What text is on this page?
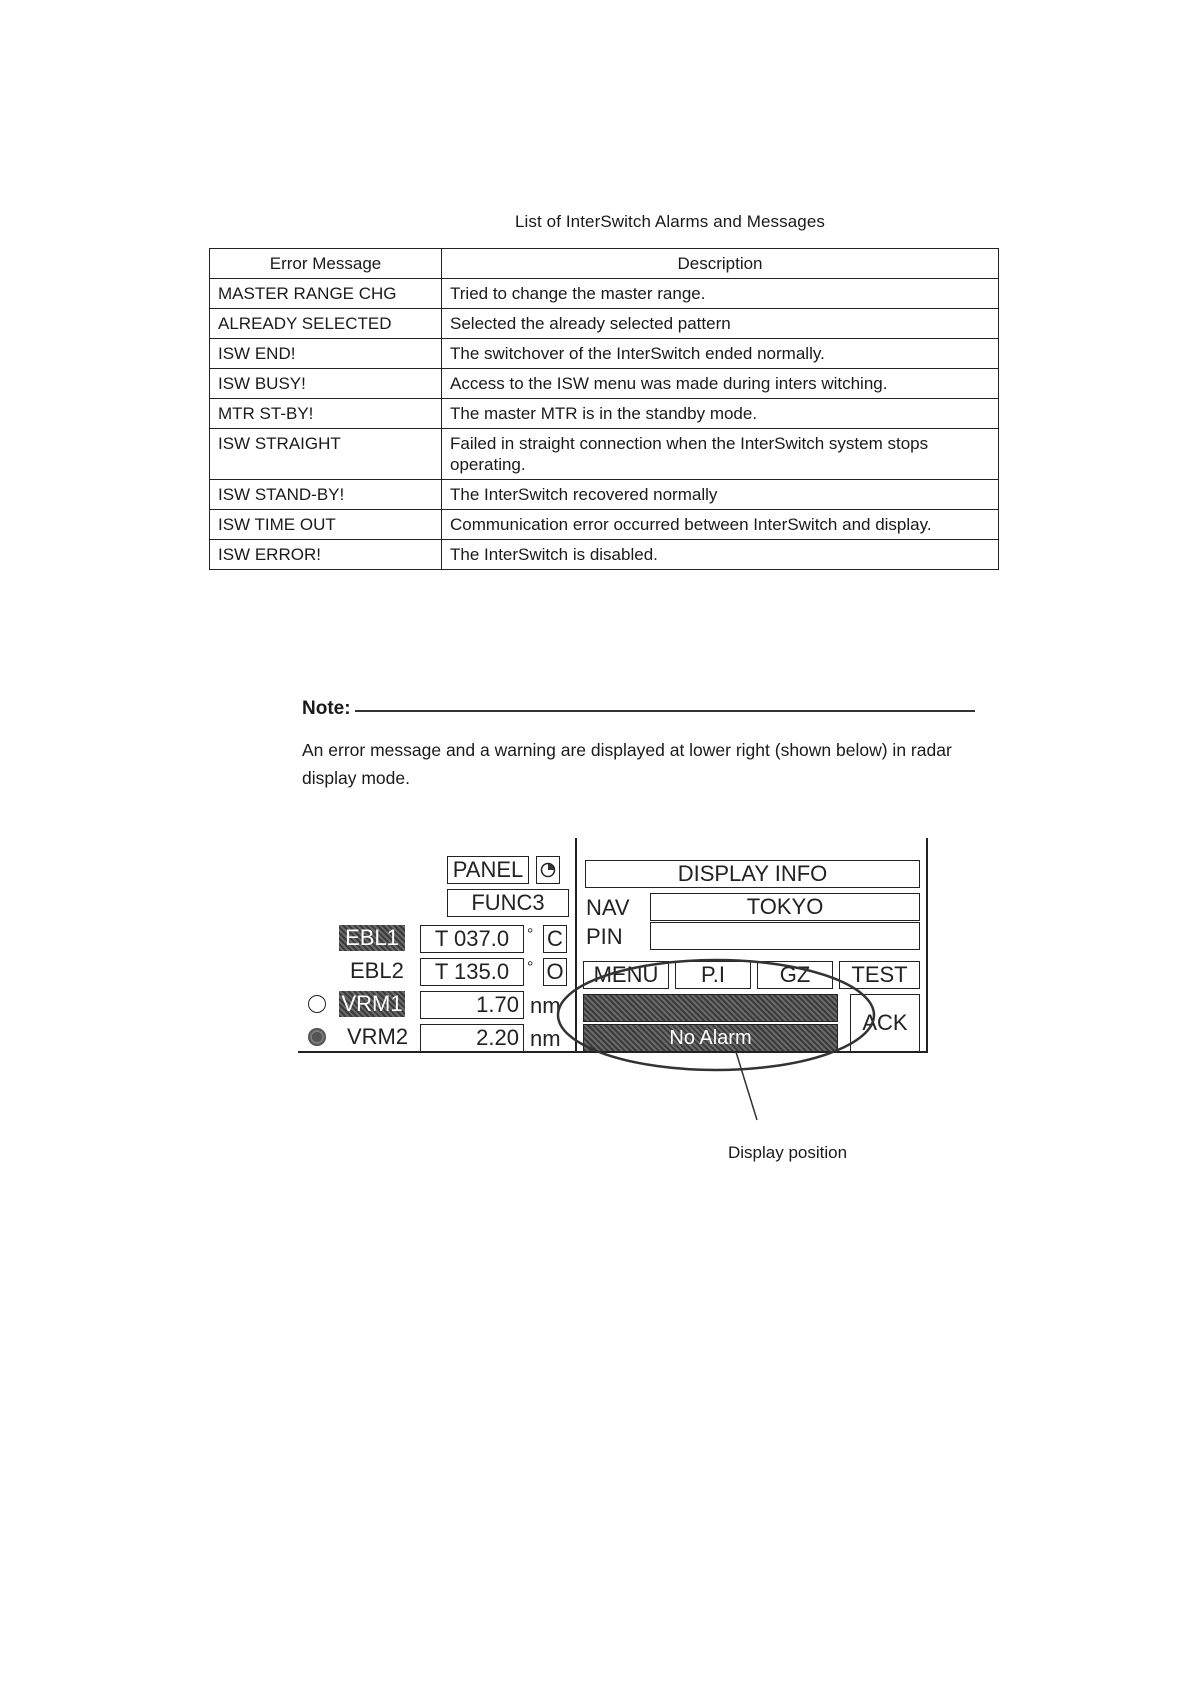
List of InterSwitch Alarms and Messages
Error Message	Description
MASTER RANGE CHG	Tried to change the master range.
ALREADY SELECTED	Selected the already selected pattern
ISW END!	The switchover of the InterSwitch ended normally.
ISW BUSY!	Access to the ISW menu was made during inters witching.
MTR ST-BY!	The master MTR is in the standby mode.
ISW STRAIGHT	Failed in straight connection when the InterSwitch system stops operating.
ISW STAND-BY!	The InterSwitch recovered normally
ISW TIME OUT	Communication error occurred between InterSwitch and display.
ISW ERROR!	The InterSwitch is disabled.
Note:
An error message and a warning are displayed at lower right (shown below) in radar display mode.
PANEL
FUNC3
EBL1	T 037.0	° C
EBL2	T 135.0	° O
VRM1	1.70 nm
VRM2	2.20 nm
DISPLAY INFO
NAV	TOKYO
PIN
MENU	P.I	GZ	TEST
No Alarm
ACK
Display position
